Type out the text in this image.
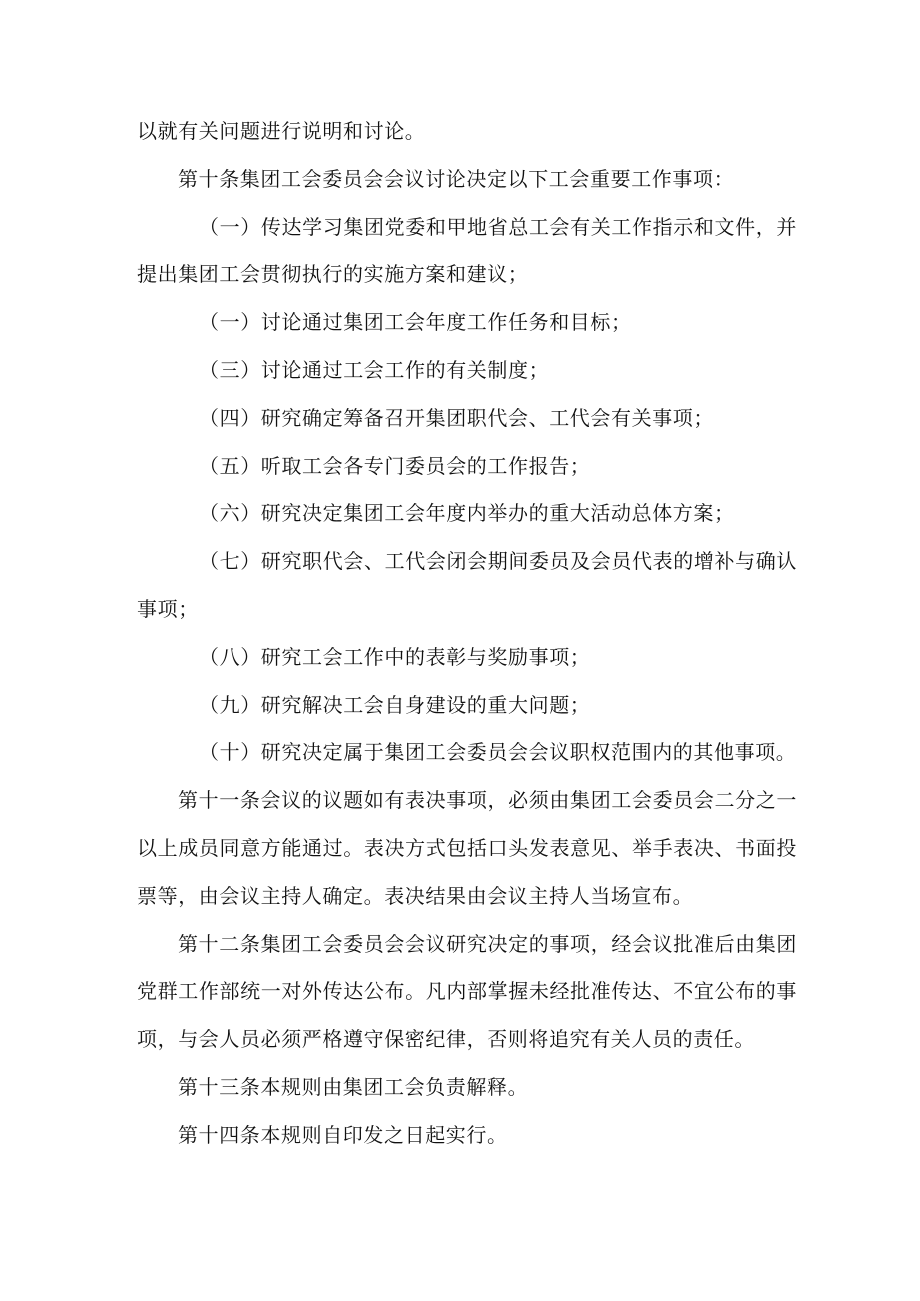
以就有关问题进行说明和讨论。

第十条集团工会委员会会议讨论决定以下工会重要工作事项：

（一）传达学习集团党委和甲地省总工会有关工作指示和文件，并提出集团工会贯彻执行的实施方案和建议；

（一）讨论通过集团工会年度工作任务和目标；

（三）讨论通过工会工作的有关制度；

（四）研究确定筹备召开集团职代会、工代会有关事项；

（五）听取工会各专门委员会的工作报告；

（六）研究决定集团工会年度内举办的重大活动总体方案；

（七）研究职代会、工代会闭会期间委员及会员代表的增补与确认事项；

（八）研究工会工作中的表彰与奖励事项；

（九）研究解决工会自身建设的重大问题；

（十）研究决定属于集团工会委员会会议职权范围内的其他事项。

第十一条会议的议题如有表决事项，必须由集团工会委员会二分之一以上成员同意方能通过。表决方式包括口头发表意见、举手表决、书面投票等，由会议主持人确定。表决结果由会议主持人当场宣布。

第十二条集团工会委员会会议研究决定的事项，经会议批准后由集团党群工作部统一对外传达公布。凡内部掌握未经批准传达、不宜公布的事项，与会人员必须严格遵守保密纪律，否则将追究有关人员的责任。

第十三条本规则由集团工会负责解释。

第十四条本规则自印发之日起实行。
